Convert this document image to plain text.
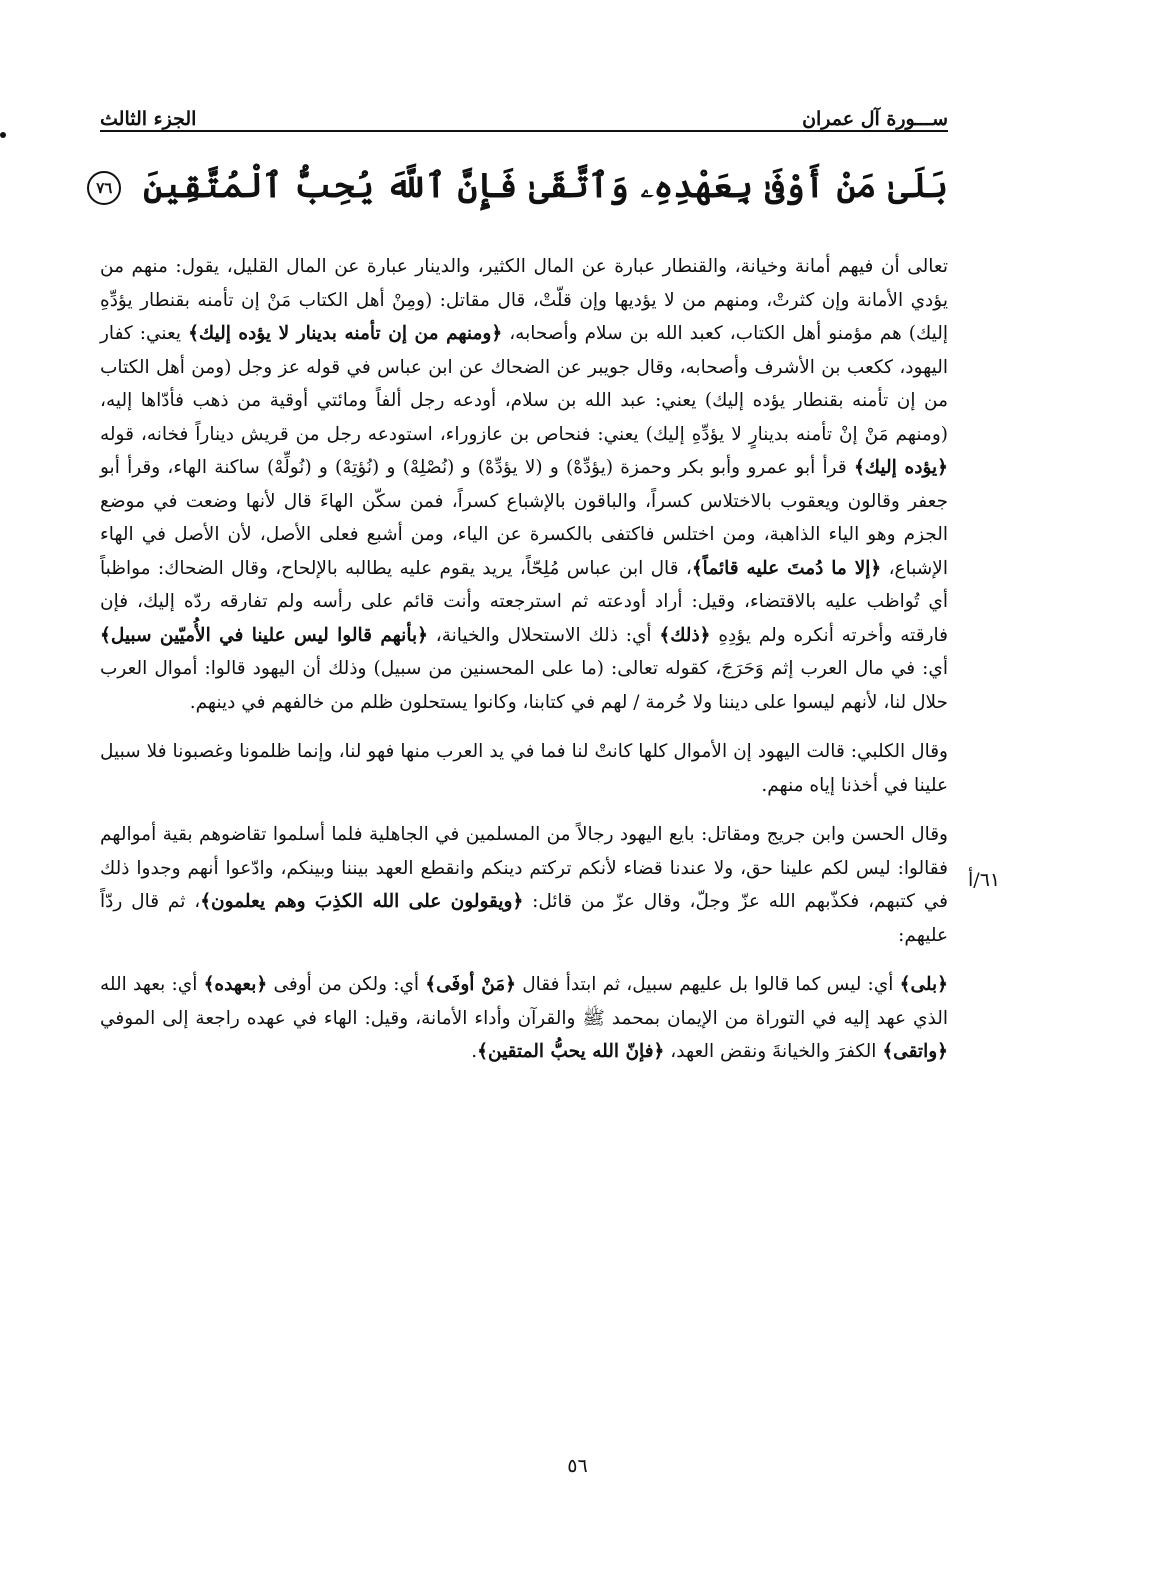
ســـورة آل عمران
الجزء الثالث
بَلَىٰ مَنْ أَوْفَىٰ بِعَهْدِهِۦ وَٱتَّقَىٰ فَإِنَّ ٱللَّهَ يُحِبُّ ٱلْمُتَّقِينَ ٧٦

تعالى أن فيهم أمانة وخيانة، والقنطار عبارة عن المال الكثير، والدينار عبارة عن المال القليل، يقول: منهم من يؤدي الأمانة وإن كثرتْ، ومنهم من لا يؤديها وإن قلّتْ، قال مقاتل: (ومِنْ أهل الكتاب مَنْ إن تأمنه بقنطار يؤدِّهِ إليك) هم مؤمنو أهل الكتاب، كعبد الله بن سلام وأصحابه، ﴿ومنهم من إن تأمنه بدينار لا يؤده إليك﴾ يعني: كفار اليهود، ككعب بن الأشرف وأصحابه، وقال جويبر عن الضحاك عن ابن عباس في قوله عز وجل (ومن أهل الكتاب من إن تأمنه بقنطار يؤده إليك) يعني: عبد الله بن سلام، أودعه رجل ألفاً ومائتي أوقية من ذهب فأدّاها إليه، (ومنهم مَنْ إنْ تأمنه بدينارٍ لا يؤدِّهِ إليك) يعني: فنحاص بن عازوراء، استودعه رجل من قريش ديناراً فخانه، قوله ﴿يؤده إليك﴾ قرأ أبو عمرو وأبو بكر وحمزة (يؤدِّهْ) و (لا يؤدِّهْ) و (نُصْلِهْ) و (نُؤتِهْ) و (نُولِّهْ) ساكنة الهاء، وقرأ أبو جعفر وقالون ويعقوب بالاختلاس كسراً، والباقون بالإشباع كسراً، فمن سكّن الهاءَ قال لأنها وضعت في موضع الجزم وهو الياء الذاهبة، ومن اختلس فاكتفى بالكسرة عن الياء، ومن أشبع فعلى الأصل، لأن الأصل في الهاء الإشباع، ﴿إلا ما دُمتَ عليه قائماً﴾، قال ابن عباس مُلِحّاً، يريد يقوم عليه يطالبه بالإلحاح، وقال الضحاك: مواظباً أي تُواظب عليه بالاقتضاء، وقيل: أراد أودعته ثم استرجعته وأنت قائم على رأسه ولم تفارقه ردّه إليك، فإن فارقته وأخرته أنكره ولم يؤدِهِ ﴿ذلك﴾ أي: ذلك الاستحلال والخيانة، ﴿بأنهم قالوا ليس علينا في الأُميّين سبيل﴾ أي: في مال العرب إثم وَحَرَجَ، كقوله تعالى: (ما على المحسنين من سبيل) وذلك أن اليهود قالوا: أموال العرب حلال لنا، لأنهم ليسوا على ديننا ولا حُرمة / لهم في كتابنا، وكانوا يستحلون ظلم من خالفهم في دينهم.

وقال الكلبي: قالت اليهود إن الأموال كلها كانتْ لنا فما في يد العرب منها فهو لنا، وإنما ظلمونا وغصبونا فلا سبيل علينا في أخذنا إياه منهم.

وقال الحسن وابن جريج ومقاتل: بايع اليهود رجالاً من المسلمين في الجاهلية فلما أسلموا تقاضوهم بقية أموالهم فقالوا: ليس لكم علينا حق، ولا عندنا قضاء لأنكم تركتم دينكم وانقطع العهد بيننا وبينكم، وادّعوا أنهم وجدوا ذلك في كتبهم، فكذّبهم الله عزّ وجلّ، وقال عزّ من قائل: ﴿ويقولون على الله الكذِبَ وهم يعلمون﴾، ثم قال ردّاً عليهم:

﴿بلى﴾ أي: ليس كما قالوا بل عليهم سبيل، ثم ابتدأ فقال ﴿مَنْ أوفَى﴾ أي: ولكن من أوفى ﴿بعهده﴾ أي: بعهد الله الذي عهد إليه في التوراة من الإيمان بمحمد ﷺ والقرآن وأداء الأمانة، وقيل: الهاء في عهده راجعة إلى الموفي ﴿واتقى﴾ الكفرَ والخيانةَ ونقض العهد، ﴿فإنّ الله يحبُّ المتقين﴾.

٦١/أ
٥٦
